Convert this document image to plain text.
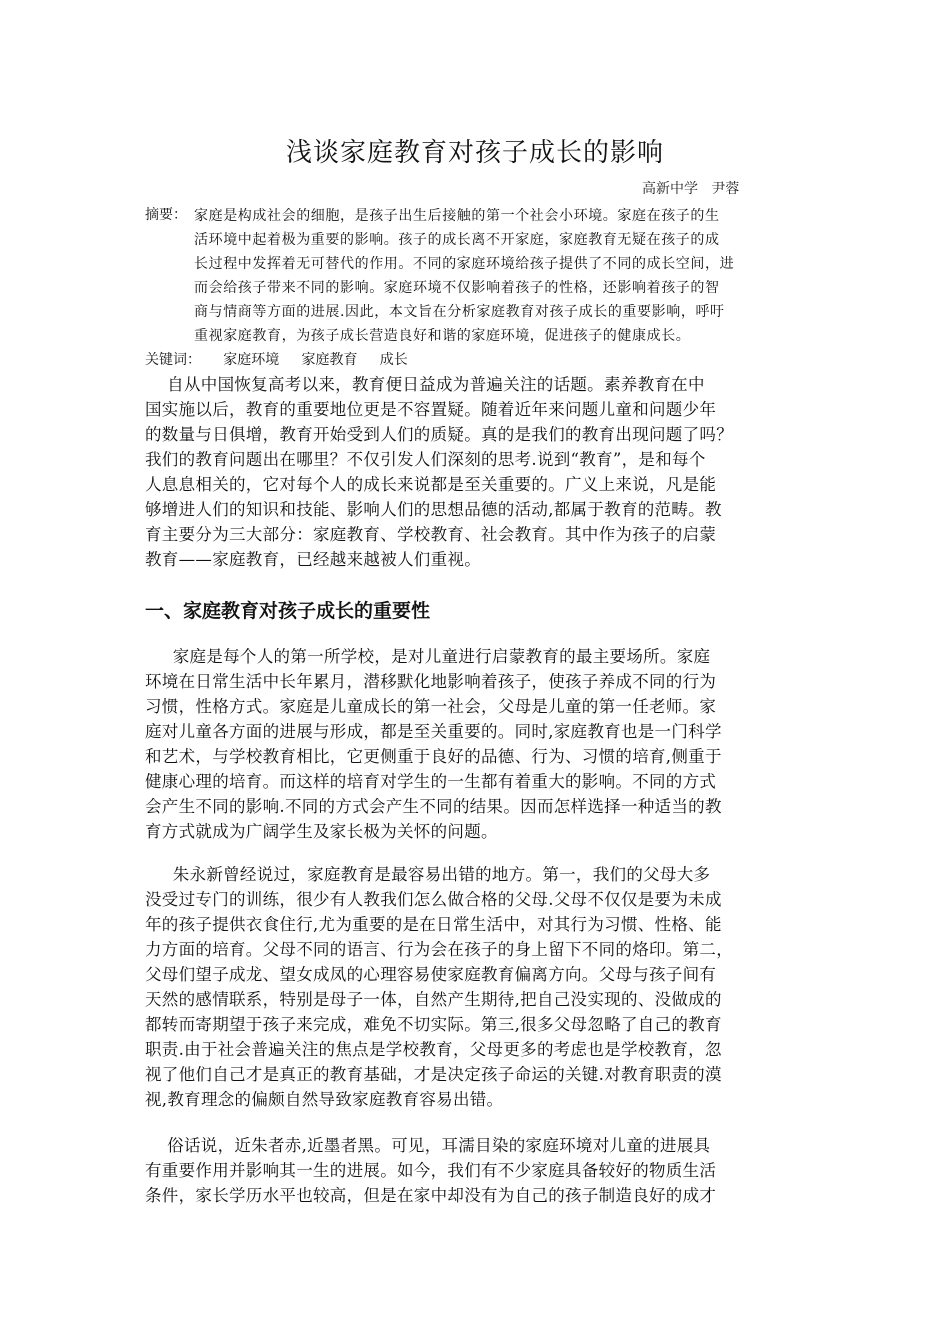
浅谈家庭教育对孩子成长的影响
高新中学   尹蓉
摘要： 家庭是构成社会的细胞，是孩子出生后接触的第一个社会小环境。家庭在孩子的生
活环境中起着极为重要的影响。孩子的成长离不开家庭，家庭教育无疑在孩子的成
长过程中发挥着无可替代的作用。不同的家庭环境给孩子提供了不同的成长空间，进
而会给孩子带来不同的影响。家庭环境不仅影响着孩子的性格，还影响着孩子的智
商与情商等方面的进展.因此，本文旨在分析家庭教育对孩子成长的重要影响，呼吁
重视家庭教育，为孩子成长营造良好和谐的家庭环境，促进孩子的健康成长。
关键词：     家庭环境     家庭教育     成长
自从中国恢复高考以来，教育便日益成为普遍关注的话题。素养教育在中
国实施以后，教育的重要地位更是不容置疑。随着近年来问题儿童和问题少年
的数量与日俱增，教育开始受到人们的质疑。真的是我们的教育出现问题了吗？
我们的教育问题出在哪里？不仅引发人们深刻的思考.说到“教育”，是和每个
人息息相关的，它对每个人的成长来说都是至关重要的。广义上来说，凡是能
够增进人们的知识和技能、影响人们的思想品德的活动,都属于教育的范畴。教
育主要分为三大部分：家庭教育、学校教育、社会教育。其中作为孩子的启蒙
教育——家庭教育，已经越来越被人们重视。
一、家庭教育对孩子成长的重要性
家庭是每个人的第一所学校，是对儿童进行启蒙教育的最主要场所。家庭
环境在日常生活中长年累月，潜移默化地影响着孩子，使孩子养成不同的行为
习惯，性格方式。家庭是儿童成长的第一社会，父母是儿童的第一任老师。家
庭对儿童各方面的进展与形成，都是至关重要的。同时,家庭教育也是一门科学
和艺术，与学校教育相比，它更侧重于良好的品德、行为、习惯的培育,侧重于
健康心理的培育。而这样的培育对学生的一生都有着重大的影响。不同的方式
会产生不同的影响.不同的方式会产生不同的结果。因而怎样选择一种适当的教
育方式就成为广阔学生及家长极为关怀的问题。
朱永新曾经说过，家庭教育是最容易出错的地方。第一，我们的父母大多
没受过专门的训练，很少有人教我们怎么做合格的父母.父母不仅仅是要为未成
年的孩子提供衣食住行,尤为重要的是在日常生活中，对其行为习惯、性格、能
力方面的培育。父母不同的语言、行为会在孩子的身上留下不同的烙印。第二，
父母们望子成龙、望女成凤的心理容易使家庭教育偏离方向。父母与孩子间有
天然的感情联系，特别是母子一体，自然产生期待,把自己没实现的、没做成的
都转而寄期望于孩子来完成，难免不切实际。第三,很多父母忽略了自己的教育
职责.由于社会普遍关注的焦点是学校教育，父母更多的考虑也是学校教育，忽
视了他们自己才是真正的教育基础，才是决定孩子命运的关键.对教育职责的漠
视,教育理念的偏颇自然导致家庭教育容易出错。
俗话说，近朱者赤,近墨者黑。可见，耳濡目染的家庭环境对儿童的进展具
有重要作用并影响其一生的进展。如今，我们有不少家庭具备较好的物质生活
条件，家长学历水平也较高，但是在家中却没有为自己的孩子制造良好的成才
